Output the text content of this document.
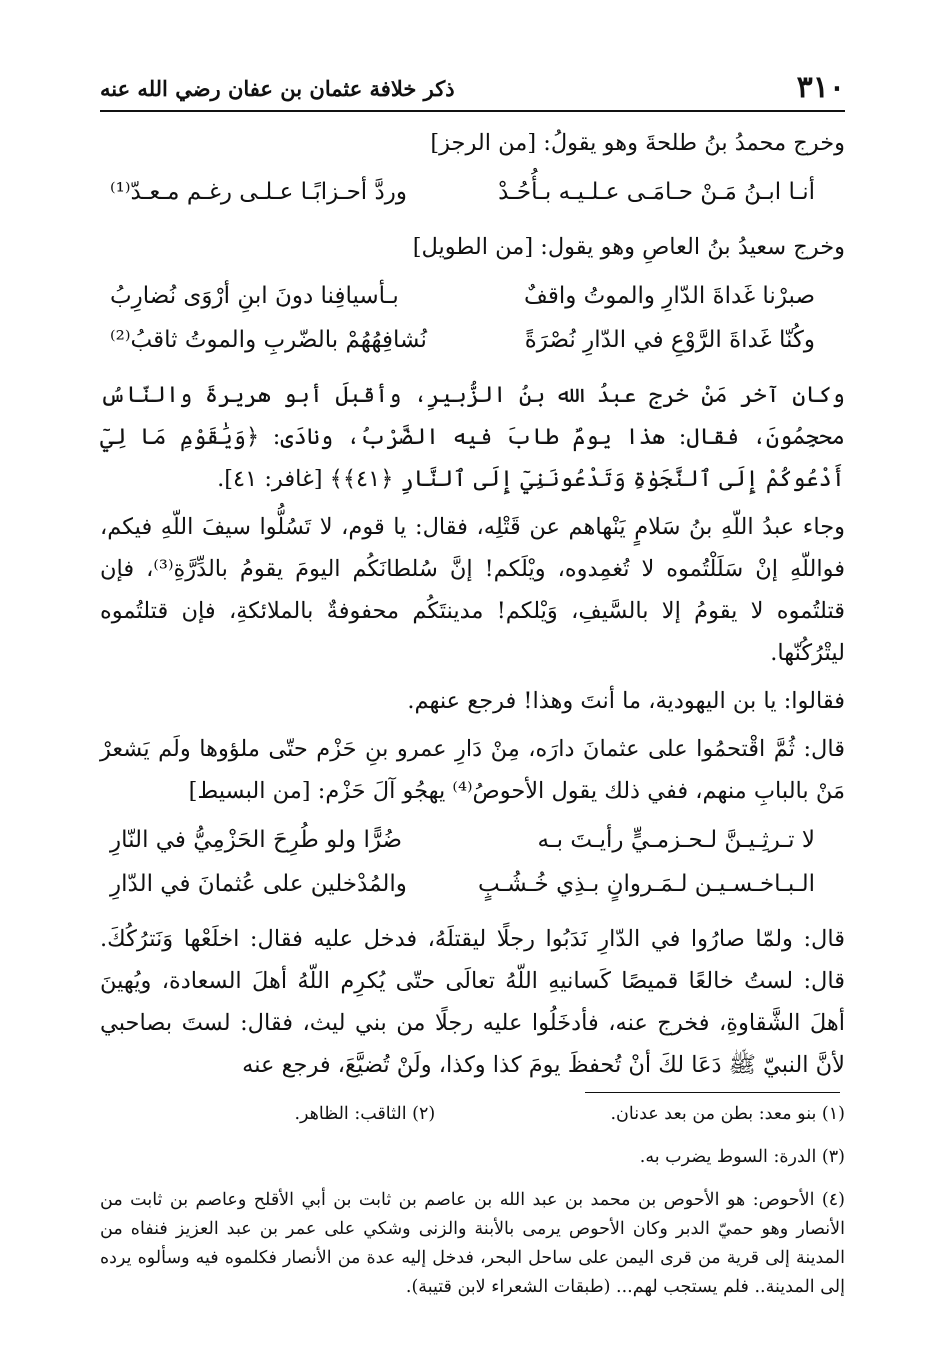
٣١٠
ذكر خلافة عثمان بن عفان رضي الله عنه
وخرج محمدُ بنُ طلحةَ وهو يقولُ: [من الرجز]
أنـا ابـنُ مَـنْ حـامَـى عـلـيـه بـأُحُـدْ
وردَّ أحـزابًـا عـلـى رغـم مـعـدّ⁽¹⁾
وخرج سعيدُ بنُ العاصِ وهو يقول: [من الطويل]
صبرْنا غَداةَ الدّارِ والموتُ واقفٌ
بـأسيافِنا دونَ ابنِ أرْوَى نُضارِبُ
وكُنّا غَداةَ الرَّوْعِ في الدّارِ نُصْرَةً
نُشافِهُهُمْ بالضّربِ والموتُ ثاقبُ⁽²⁾
وكان آخر مَنْ خرج عبدُ الله بنُ الزُّبيرِ، وأقبلَ أبو هريرةَ والنّاسُ محجِمُونَ، فقال: هذا يومٌ طابَ فيه الضَّرْبُ، ونادَى: ﴿وَيَٰقَوْمِ مَا لِيٓ أَدْعُوكُمْ إِلَى ٱلنَّجَوٰةِ وَتَدْعُونَنِيٓ إِلَى ٱلنَّارِ ﴿٤١﴾﴾ [غافر: ٤١].
وجاء عبدُ اللّهِ بنُ سَلامٍ يَنْهاهم عن قَتْلِه، فقال: يا قوم، لا تَسُلُّوا سيفَ اللّهِ فيكم، فواللّهِ إنْ سَلَلْتُموه لا تُغمِدوه، ويْلَكم! إنَّ سُلطانَكُم اليومَ يقومُ بالدِّرَّةِ⁽³⁾، فإن قتلتُموه لا يقومُ إلا بالسَّيفِ، وَيْلكم! مدينتَكُم محفوفةٌ بالملائكةِ، فإن قتلتُموه ليتْرُكُنّها.
فقالوا: يا بن اليهودية، ما أنتَ وهذا! فرجع عنهم.
قال: ثُمَّ اقْتحمُوا على عثمانَ دارَه، مِنْ دَارِ عمرو بنِ حَزْم حتّى ملؤوها ولَم يَشعرْ مَنْ بالبابِ منهم، ففي ذلك يقول الأحوصُ⁽⁴⁾ يهجُو آلَ حَزْم: [من البسيط]
لا تـرثِـيـنَّ لـحـزمـيٍّ رأيـتَ بـه
ضُرًّا ولو طُرِحَ الحَزْمِيُّ في النّارِ
الـبـاخـسـيـن لـمَـروانٍ بـذِي خُـشُـبٍ
والمُدْخلين على عُثمانَ في الدّارِ
قال: ولمّا صارُوا في الدّارِ نَدَبُوا رجلًا ليقتلَهُ، فدخل عليه فقال: اخلَعْها وَنَترُكُكَ. قال: لستُ خالعًا قميصًا كَسانيهِ اللّهُ تعالَى حتّى يُكرِم اللّهُ أهلَ السعادة، ويُهينَ أهلَ الشَّقاوةِ، فخرج عنه، فأدخَلُوا عليه رجلًا من بني ليث، فقال: لستَ بصاحبي لأنَّ النبيّ ﷺ دَعَا لكَ أنْ تُحفظَ يومَ كذا وكذا، ولَنْ تُضيَّعَ، فرجع عنه
(١) بنو معد: بطن من بعد عدنان.
(٢) الثاقب: الظاهر.
(٣) الدرة: السوط يضرب به.
(٤) الأحوص: هو الأحوص بن محمد بن عبد الله بن عاصم بن ثابت بن أبي الأقلح وعاصم بن ثابت من الأنصار وهو حميّ الدبر وكان الأحوص يرمى بالأبنة والزنى وشكي على عمر بن عبد العزيز فنفاه من المدينة إلى قرية من قرى اليمن على ساحل البحر، فدخل إليه عدة من الأنصار فكلموه فيه وسألوه يرده إلى المدينة.. فلم يستجب لهم... (طبقات الشعراء لابن قتيبة).
